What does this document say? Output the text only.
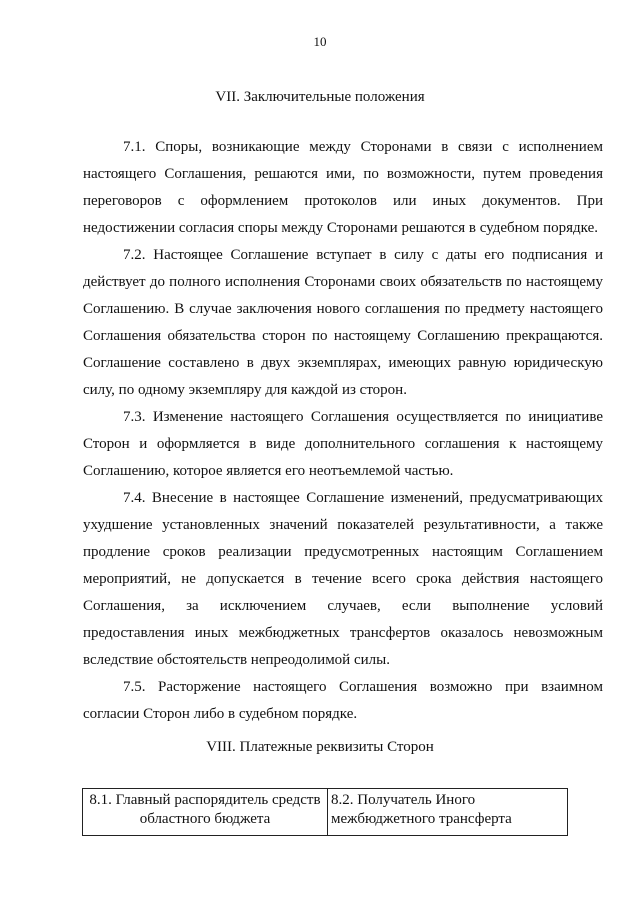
10
VII. Заключительные положения

7.1. Споры, возникающие между Сторонами в связи с исполнением настоящего Соглашения, решаются ими, по возможности, путем проведения переговоров с оформлением протоколов или иных документов. При недостижении согласия споры между Сторонами решаются в судебном порядке.

7.2. Настоящее Соглашение вступает в силу с даты его подписания и действует до полного исполнения Сторонами своих обязательств по настоящему Соглашению. В случае заключения нового соглашения по предмету настоящего Соглашения обязательства сторон по настоящему Соглашению прекращаются. Соглашение составлено в двух экземплярах, имеющих равную юридическую силу, по одному экземпляру для каждой из сторон.

7.3. Изменение настоящего Соглашения осуществляется по инициативе Сторон и оформляется в виде дополнительного соглашения к настоящему Соглашению, которое является его неотъемлемой частью.

7.4. Внесение в настоящее Соглашение изменений, предусматривающих ухудшение установленных значений показателей результативности, а также продление сроков реализации предусмотренных настоящим Соглашением мероприятий, не допускается в течение всего срока действия настоящего Соглашения, за исключением случаев, если выполнение условий предоставления иных межбюджетных трансфертов оказалось невозможным вследствие обстоятельств непреодолимой силы.

7.5. Расторжение настоящего Соглашения возможно при взаимном согласии Сторон либо в судебном порядке.

VIII. Платежные реквизиты Сторон
8.1. Главный распорядитель средств областного бюджета	8.2. Получатель Иного межбюджетного трансферта
